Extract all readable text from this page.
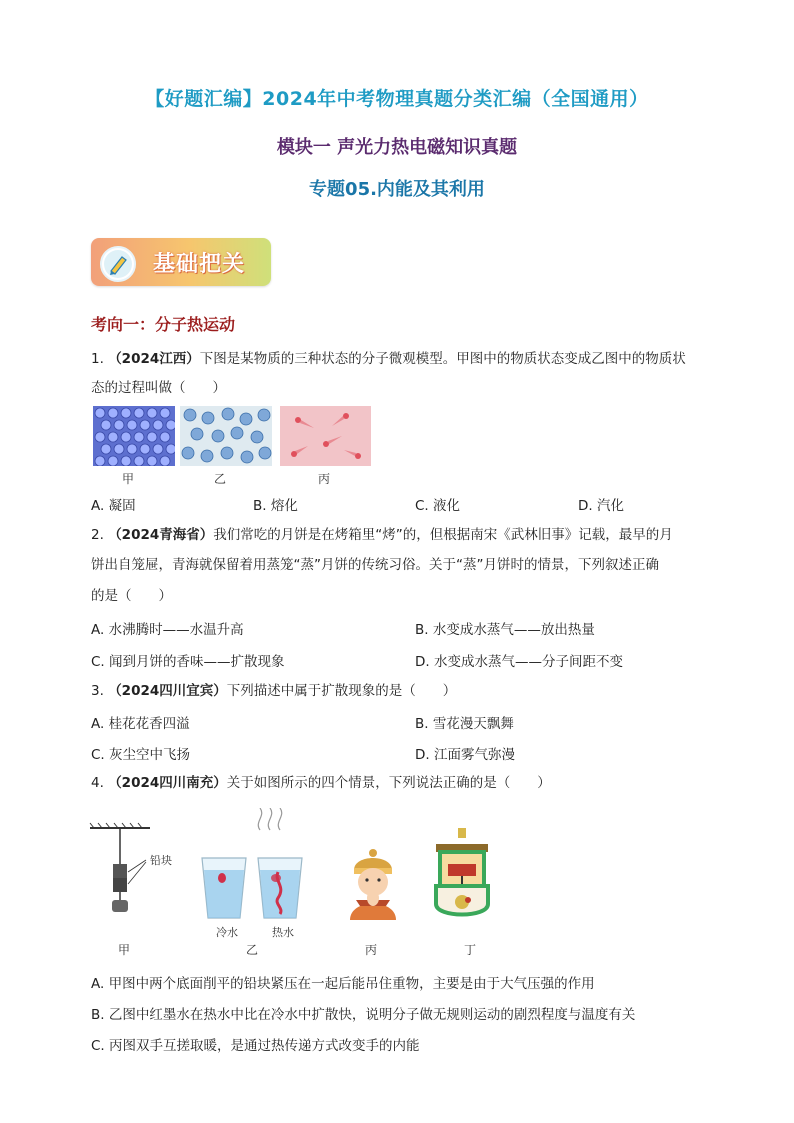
【好题汇编】2024年中考物理真题分类汇编（全国通用）
模块一 声光力热电磁知识真题
专题05.内能及其利用
基础把关
考向一：分子热运动
1. （2024江西）下图是某物质的三种状态的分子微观模型。甲图中的物质状态变成乙图中的物质状
态的过程叫做（　　）
甲	乙	丙
A. 凝固	B. 熔化	C. 液化	D. 汽化
2. （2024青海省）我们常吃的月饼是在烤箱里“烤”的，但根据南宋《武林旧事》记载，最早的月
饼出自笼屉，青海就保留着用蒸笼“蒸”月饼的传统习俗。关于“蒸”月饼时的情景，下列叙述正确
的是（　　）
A. 水沸腾时——水温升高	B. 水变成水蒸气——放出热量
C. 闻到月饼的香味——扩散现象	D. 水变成水蒸气——分子间距不变
3. （2024四川宜宾）下列描述中属于扩散现象的是（　　）
A. 桂花花香四溢	B. 雪花漫天飘舞
C. 灰尘空中飞扬	D. 江面雾气弥漫
4. （2024四川南充）关于如图所示的四个情景，下列说法正确的是（　　）
铅块
冷水	热水
甲	乙	丙	丁
A. 甲图中两个底面削平的铅块紧压在一起后能吊住重物，主要是由于大气压强的作用
B. 乙图中红墨水在热水中比在冷水中扩散快，说明分子做无规则运动的剧烈程度与温度有关
C. 丙图双手互搓取暖，是通过热传递方式改变手的内能
